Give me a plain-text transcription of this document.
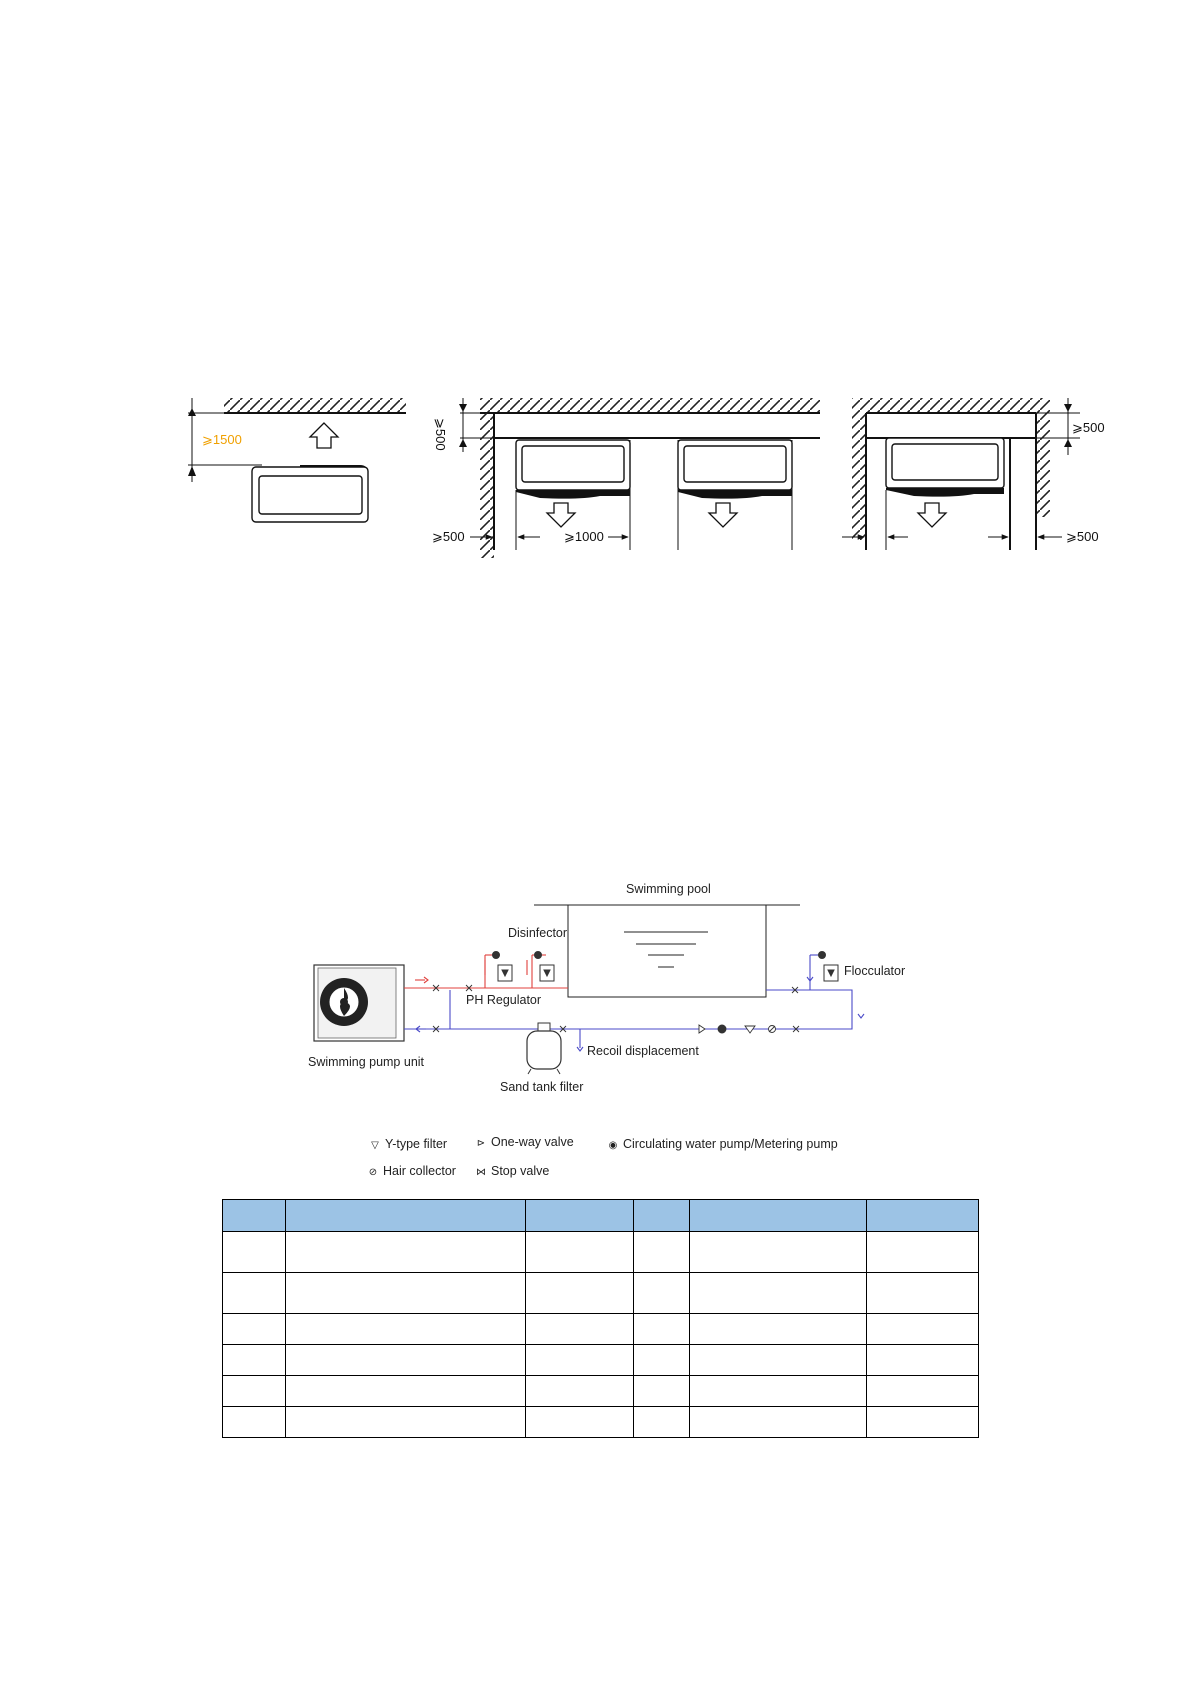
⩾1500	⩾500
⩾500	⩾1000
⩾500
⩾500
Swimming pool
Swimming pump unit
Disinfector
Flocculator
PH Regulator
Sand tank filter
Recoil displacement
▽ Y-type filter	⊳ One-way valve	◉ Circulating water pump/Metering pump
⊘ Hair collector ⋈ Stop valve
